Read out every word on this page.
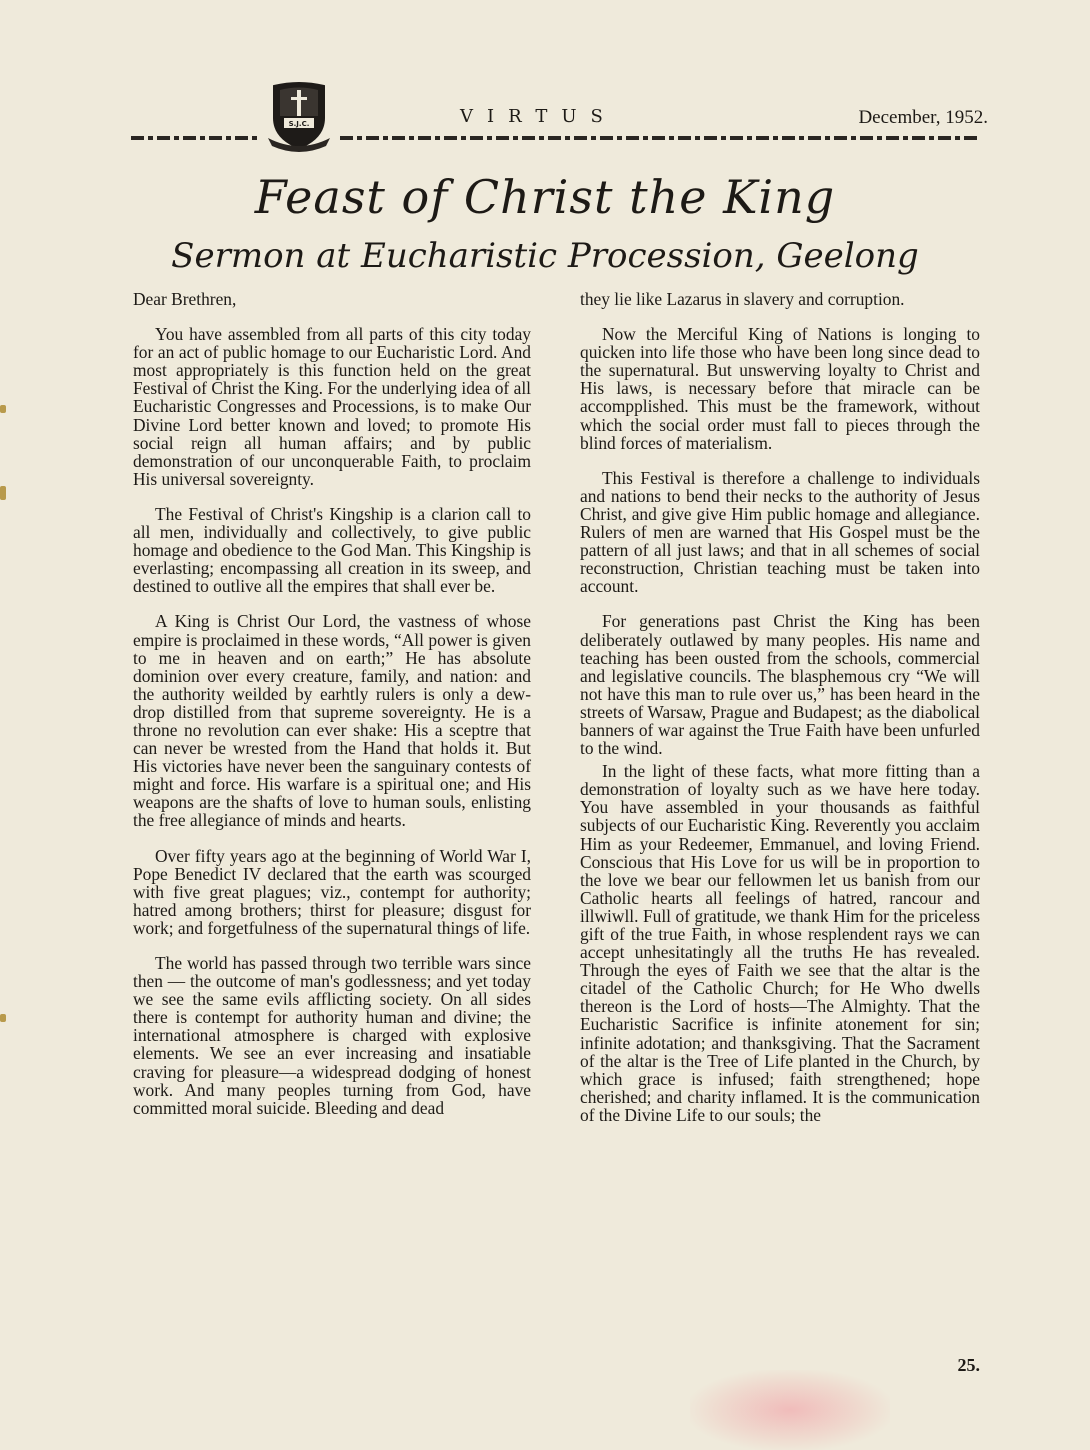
S.J.C.	VIRTUS	December, 1952.
Feast of Christ the King
Sermon at Eucharistic Procession, Geelong

Dear Brethren,

You have assembled from all parts of this city today for an act of public homage to our Eucharistic Lord. And most appropriately is this function held on the great Festival of Christ the King. For the underlying idea of all Eucharistic Congresses and Processions, is to make Our Divine Lord better known and loved; to promote His social reign all human affairs; and by public demonstration of our unconquerable Faith, to proclaim His universal sovereignty.

The Festival of Christ's Kingship is a clarion call to all men, individually and collectively, to give public homage and obedience to the God Man. This Kingship is everlasting; encompassing all creation in its sweep, and destined to outlive all the empires that shall ever be.

A King is Christ Our Lord, the vastness of whose empire is proclaimed in these words, “All power is given to me in heaven and on earth;” He has absolute dominion over every creature, family, and nation: and the authority weilded by earhtly rulers is only a dew-drop distilled from that supreme sovereignty. He is a throne no revolution can ever shake: His a sceptre that can never be wrested from the Hand that holds it. But His victories have never been the sanguinary contests of might and force. His warfare is a spiritual one; and His weapons are the shafts of love to human souls, enlisting the free allegiance of minds and hearts.

Over fifty years ago at the beginning of World War I, Pope Benedict IV declared that the earth was scourged with five great plagues; viz., contempt for authority; hatred among brothers; thirst for pleasure; disgust for work; and forgetfulness of the supernatural things of life.

The world has passed through two terrible wars since then — the outcome of man's godlessness; and yet today we see the same evils afflicting society. On all sides there is contempt for authority human and divine; the international atmosphere is charged with explosive elements. We see an ever increasing and insatiable craving for pleasure—a widespread dodging of honest work. And many peoples turning from God, have committed moral suicide. Bleeding and dead

they lie like Lazarus in slavery and corruption.

Now the Merciful King of Nations is longing to quicken into life those who have been long since dead to the supernatural. But unswerving loyalty to Christ and His laws, is necessary before that miracle can be accompplished. This must be the framework, without which the social order must fall to pieces through the blind forces of materialism.

This Festival is therefore a challenge to individuals and nations to bend their necks to the authority of Jesus Christ, and give give Him public homage and allegiance. Rulers of men are warned that His Gospel must be the pattern of all just laws; and that in all schemes of social reconstruction, Christian teaching must be taken into account.

For generations past Christ the King has been deliberately outlawed by many peoples. His name and teaching has been ousted from the schools, commercial and legislative councils. The blasphemous cry “We will not have this man to rule over us,” has been heard in the streets of Warsaw, Prague and Budapest; as the diabolical banners of war against the True Faith have been unfurled to the wind.

In the light of these facts, what more fitting than a demonstration of loyalty such as we have here today. You have assembled in your thousands as faithful subjects of our Eucharistic King. Reverently you acclaim Him as your Redeemer, Emmanuel, and loving Friend. Conscious that His Love for us will be in proportion to the love we bear our fellowmen let us banish from our Catholic hearts all feelings of hatred, rancour and illwiwll. Full of gratitude, we thank Him for the priceless gift of the true Faith, in whose resplendent rays we can accept unhesitatingly all the truths He has revealed. Through the eyes of Faith we see that the altar is the citadel of the Catholic Church; for He Who dwells thereon is the Lord of hosts—The Almighty. That the Eucharistic Sacrifice is infinite atonement for sin; infinite adotation; and thanksgiving. That the Sacrament of the altar is the Tree of Life planted in the Church, by which grace is infused; faith strengthened; hope cherished; and charity inflamed. It is the communication of the Divine Life to our souls; the

25.
